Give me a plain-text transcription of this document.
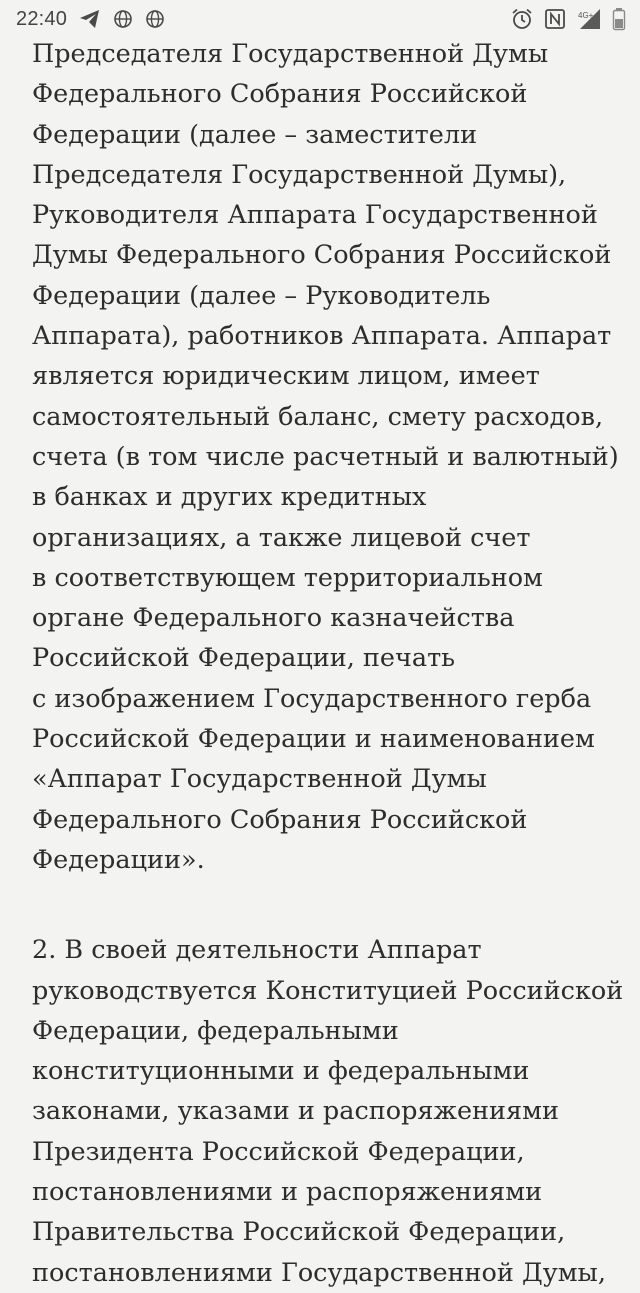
22:40	4G+

Председателя Государственной Думы
Федерального Собрания Российской
Федерации (далее – заместители
Председателя Государственной Думы),
Руководителя Аппарата Государственной
Думы Федерального Собрания Российской
Федерации (далее – Руководитель
Аппарата), работников Аппарата. Аппарат
является юридическим лицом, имеет
самостоятельный баланс, смету расходов,
счета (в том числе расчетный и валютный)
в банках и других кредитных
организациях, а также лицевой счет
в соответствующем территориальном
органе Федерального казначейства
Российской Федерации, печать
с изображением Государственного герба
Российской Федерации и наименованием
«Аппарат Государственной Думы
Федерального Собрания Российской
Федерации».

2. В своей деятельности Аппарат
руководствуется Конституцией Российской
Федерации, федеральными
конституционными и федеральными
законами, указами и распоряжениями
Президента Российской Федерации,
постановлениями и распоряжениями
Правительства Российской Федерации,
постановлениями Государственной Думы,
